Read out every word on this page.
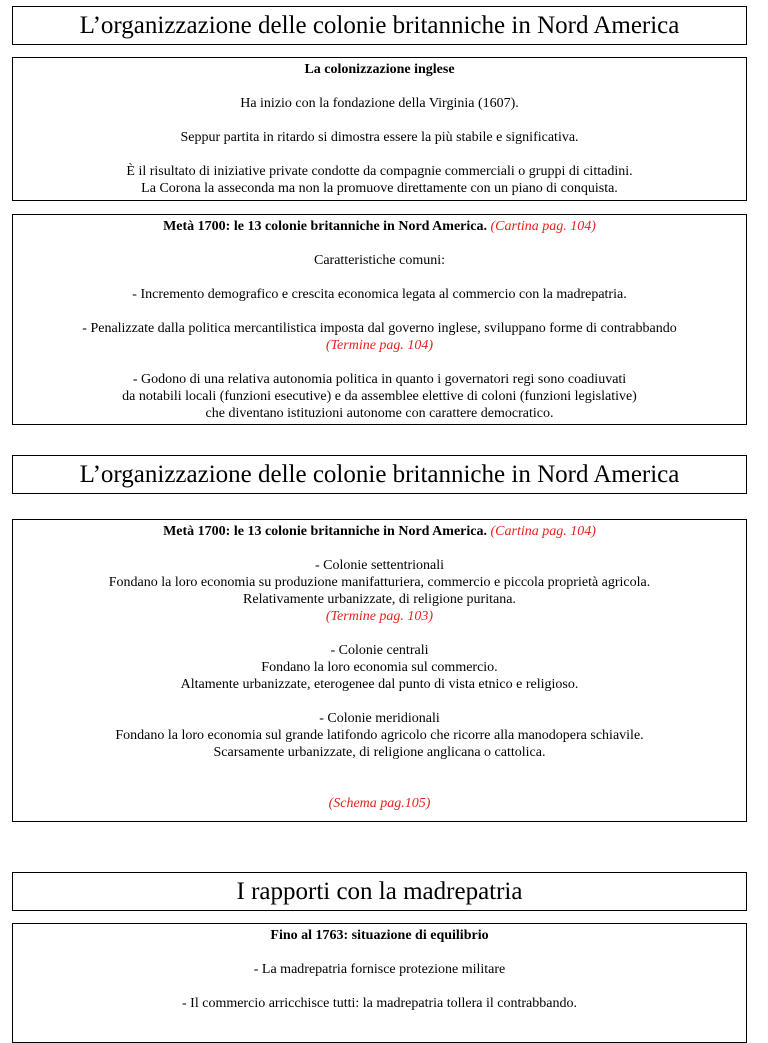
L’organizzazione delle colonie britanniche in Nord America
La colonizzazione inglese
Ha inizio con la fondazione della Virginia (1607).
Seppur partita in ritardo si dimostra essere la più stabile e significativa.
È il risultato di iniziative private condotte da compagnie commerciali o gruppi di cittadini.
La Corona la asseconda ma non la promuove direttamente con un piano di conquista.
Metà 1700: le 13 colonie britanniche in Nord America. (Cartina pag. 104)
Caratteristiche comuni:
- Incremento demografico e crescita economica legata al commercio con la madrepatria.
- Penalizzate dalla politica mercantilistica imposta dal governo inglese, sviluppano forme di contrabbando
(Termine pag. 104)
- Godono di una relativa autonomia politica in quanto i governatori regi sono coadiuvati
da notabili locali (funzioni esecutive) e da assemblee elettive di coloni (funzioni legislative)
che diventano istituzioni autonome con carattere democratico.
L’organizzazione delle colonie britanniche in Nord America
Metà 1700: le 13 colonie britanniche in Nord America. (Cartina pag. 104)
- Colonie settentrionali
Fondano la loro economia su produzione manifatturiera, commercio e piccola proprietà agricola.
Relativamente urbanizzate, di religione puritana.
(Termine pag. 103)
- Colonie centrali
Fondano la loro economia sul commercio.
Altamente urbanizzate, eterogenee dal punto di vista etnico e religioso.
- Colonie meridionali
Fondano la loro economia sul grande latifondo agricolo che ricorre alla manodopera schiavile.
Scarsamente urbanizzate, di religione anglicana o cattolica.
(Schema pag.105)
I rapporti con la madrepatria
Fino al 1763: situazione di equilibrio
- La madrepatria fornisce protezione militare
- Il commercio arricchisce tutti: la madrepatria tollera il contrabbando.
